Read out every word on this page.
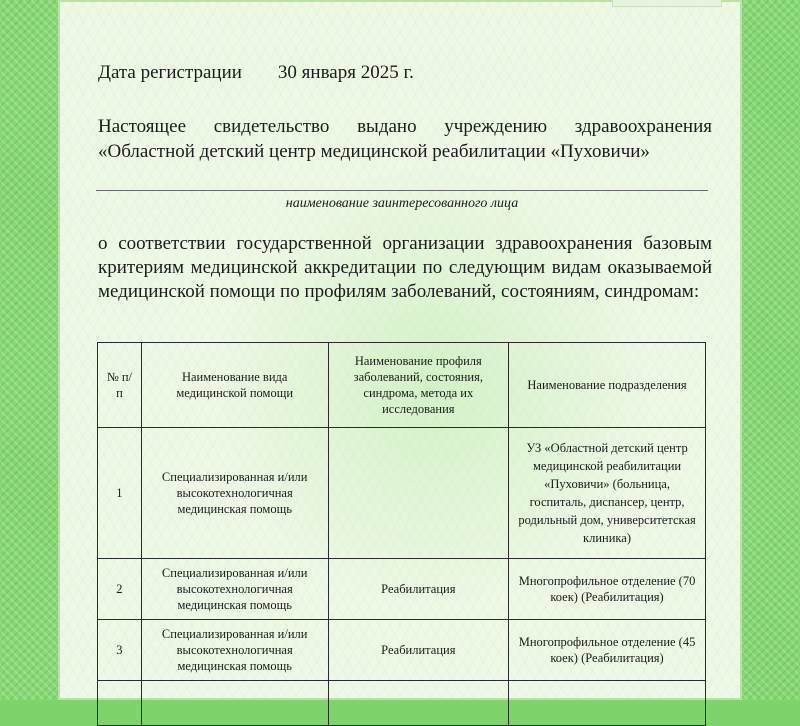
Дата регистрации 30 января 2025 г.
Настоящее свидетельство выдано учреждению здравоохранения «Областной детский центр медицинской реабилитации «Пуховичи»
наименование заинтересованного лица
о соответствии государственной организации здравоохранения базовым критериям медицинской аккредитации по следующим видам оказываемой медицинской помощи по профилям заболеваний, состояниям, синдромам:
№ п/п	Наименование вида медицинской помощи	Наименование профиля заболеваний, состояния, синдрома, метода их исследования	Наименование подразделения
1	Специализированная и/или высокотехнологичная медицинская помощь		УЗ «Областной детский центр медицинской реабилитации «Пуховичи» (больница, госпиталь, диспансер, центр, родильный дом, университетская клиника)
2	Специализированная и/или высокотехнологичная медицинская помощь	Реабилитация	Многопрофильное отделение (70 коек) (Реабилитация)
3	Специализированная и/или высокотехнологичная медицинская помощь	Реабилитация	Многопрофильное отделение (45 коек) (Реабилитация)
